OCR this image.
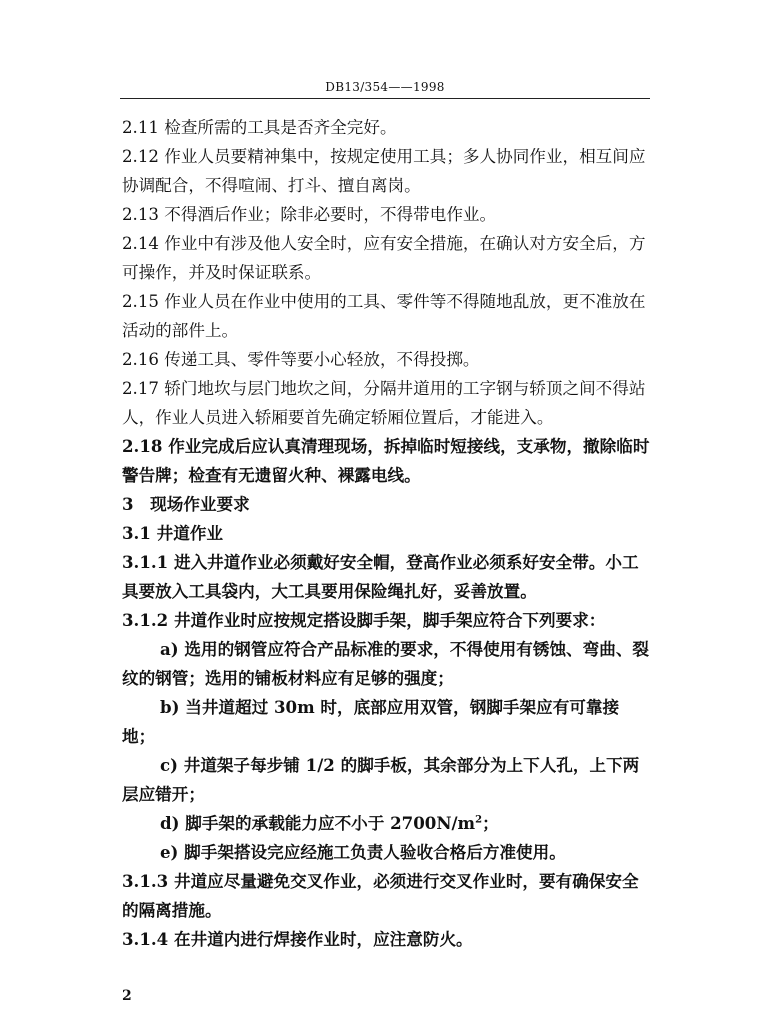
DB13/354——1998

2.11 检查所需的工具是否齐全完好。

2.12 作业人员要精神集中，按规定使用工具；多人协同作业，相互间应协调配合，不得喧闹、打斗、擅自离岗。

2.13 不得酒后作业；除非必要时，不得带电作业。

2.14 作业中有涉及他人安全时，应有安全措施，在确认对方安全后，方可操作，并及时保证联系。

2.15 作业人员在作业中使用的工具、零件等不得随地乱放，更不准放在活动的部件上。

2.16 传递工具、零件等要小心轻放，不得投掷。

2.17 轿门地坎与层门地坎之间，分隔井道用的工字钢与轿顶之间不得站人，作业人员进入轿厢要首先确定轿厢位置后，才能进入。

2.18 作业完成后应认真清理现场，拆掉临时短接线，支承物，撤除临时警告牌；检查有无遗留火种、裸露电线。

3　现场作业要求

3.1 井道作业

3.1.1 进入井道作业必须戴好安全帽，登高作业必须系好安全带。小工具要放入工具袋内，大工具要用保险绳扎好，妥善放置。

3.1.2 井道作业时应按规定搭设脚手架，脚手架应符合下列要求：

a) 选用的钢管应符合产品标准的要求，不得使用有锈蚀、弯曲、裂纹的钢管；选用的铺板材料应有足够的强度；

b) 当井道超过 30m 时，底部应用双管，钢脚手架应有可靠接地；

c) 井道架子每步铺 1/2 的脚手板，其余部分为上下人孔，上下两层应错开；

d) 脚手架的承载能力应不小于 $2700N/m^2$；

e) 脚手架搭设完应经施工负责人验收合格后方准使用。

3.1.3 井道应尽量避免交叉作业，必须进行交叉作业时，要有确保安全的隔离措施。

3.1.4 在井道内进行焊接作业时，应注意防火。

2
